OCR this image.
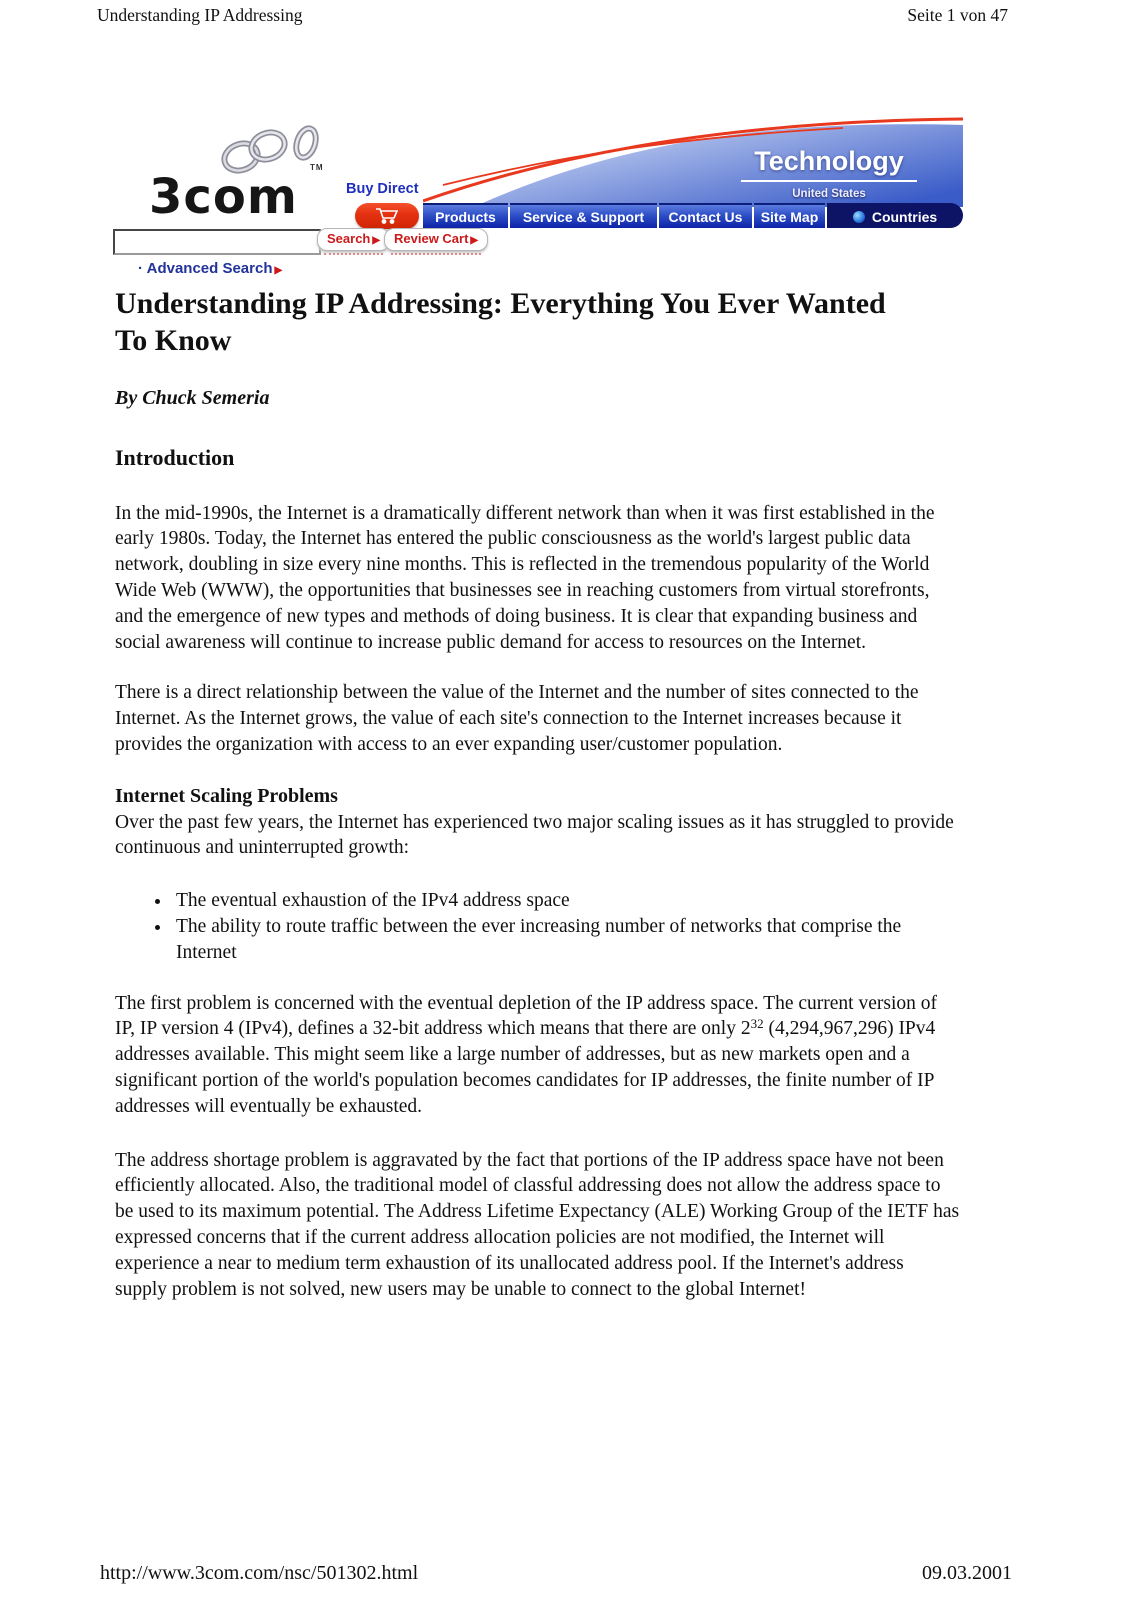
Understanding IP Addressing	Seite 1 von 47
TM
3com
Technology
United States
Buy Direct
Products	Service & Support	Contact Us	Site Map	Countries
Search ▶	Review Cart ▶
· Advanced Search ▶
Understanding IP Addressing: Everything You Ever Wanted To Know
By Chuck Semeria
Introduction

In the mid-1990s, the Internet is a dramatically different network than when it was first established in the early 1980s. Today, the Internet has entered the public consciousness as the world's largest public data network, doubling in size every nine months. This is reflected in the tremendous popularity of the World Wide Web (WWW), the opportunities that businesses see in reaching customers from virtual storefronts, and the emergence of new types and methods of doing business. It is clear that expanding business and social awareness will continue to increase public demand for access to resources on the Internet.

There is a direct relationship between the value of the Internet and the number of sites connected to the Internet. As the Internet grows, the value of each site's connection to the Internet increases because it provides the organization with access to an ever expanding user/customer population.

Internet Scaling Problems

Over the past few years, the Internet has experienced two major scaling issues as it has struggled to provide continuous and uninterrupted growth:

• The eventual exhaustion of the IPv4 address space
• The ability to route traffic between the ever increasing number of networks that comprise the Internet

The first problem is concerned with the eventual depletion of the IP address space. The current version of IP, IP version 4 (IPv4), defines a 32-bit address which means that there are only $2^{32}$ (4,294,967,296) IPv4 addresses available. This might seem like a large number of addresses, but as new markets open and a significant portion of the world's population becomes candidates for IP addresses, the finite number of IP addresses will eventually be exhausted.

The address shortage problem is aggravated by the fact that portions of the IP address space have not been efficiently allocated. Also, the traditional model of classful addressing does not allow the address space to be used to its maximum potential. The Address Lifetime Expectancy (ALE) Working Group of the IETF has expressed concerns that if the current address allocation policies are not modified, the Internet will experience a near to medium term exhaustion of its unallocated address pool. If the Internet's address supply problem is not solved, new users may be unable to connect to the global Internet!

http://www.3com.com/nsc/501302.html	09.03.2001
